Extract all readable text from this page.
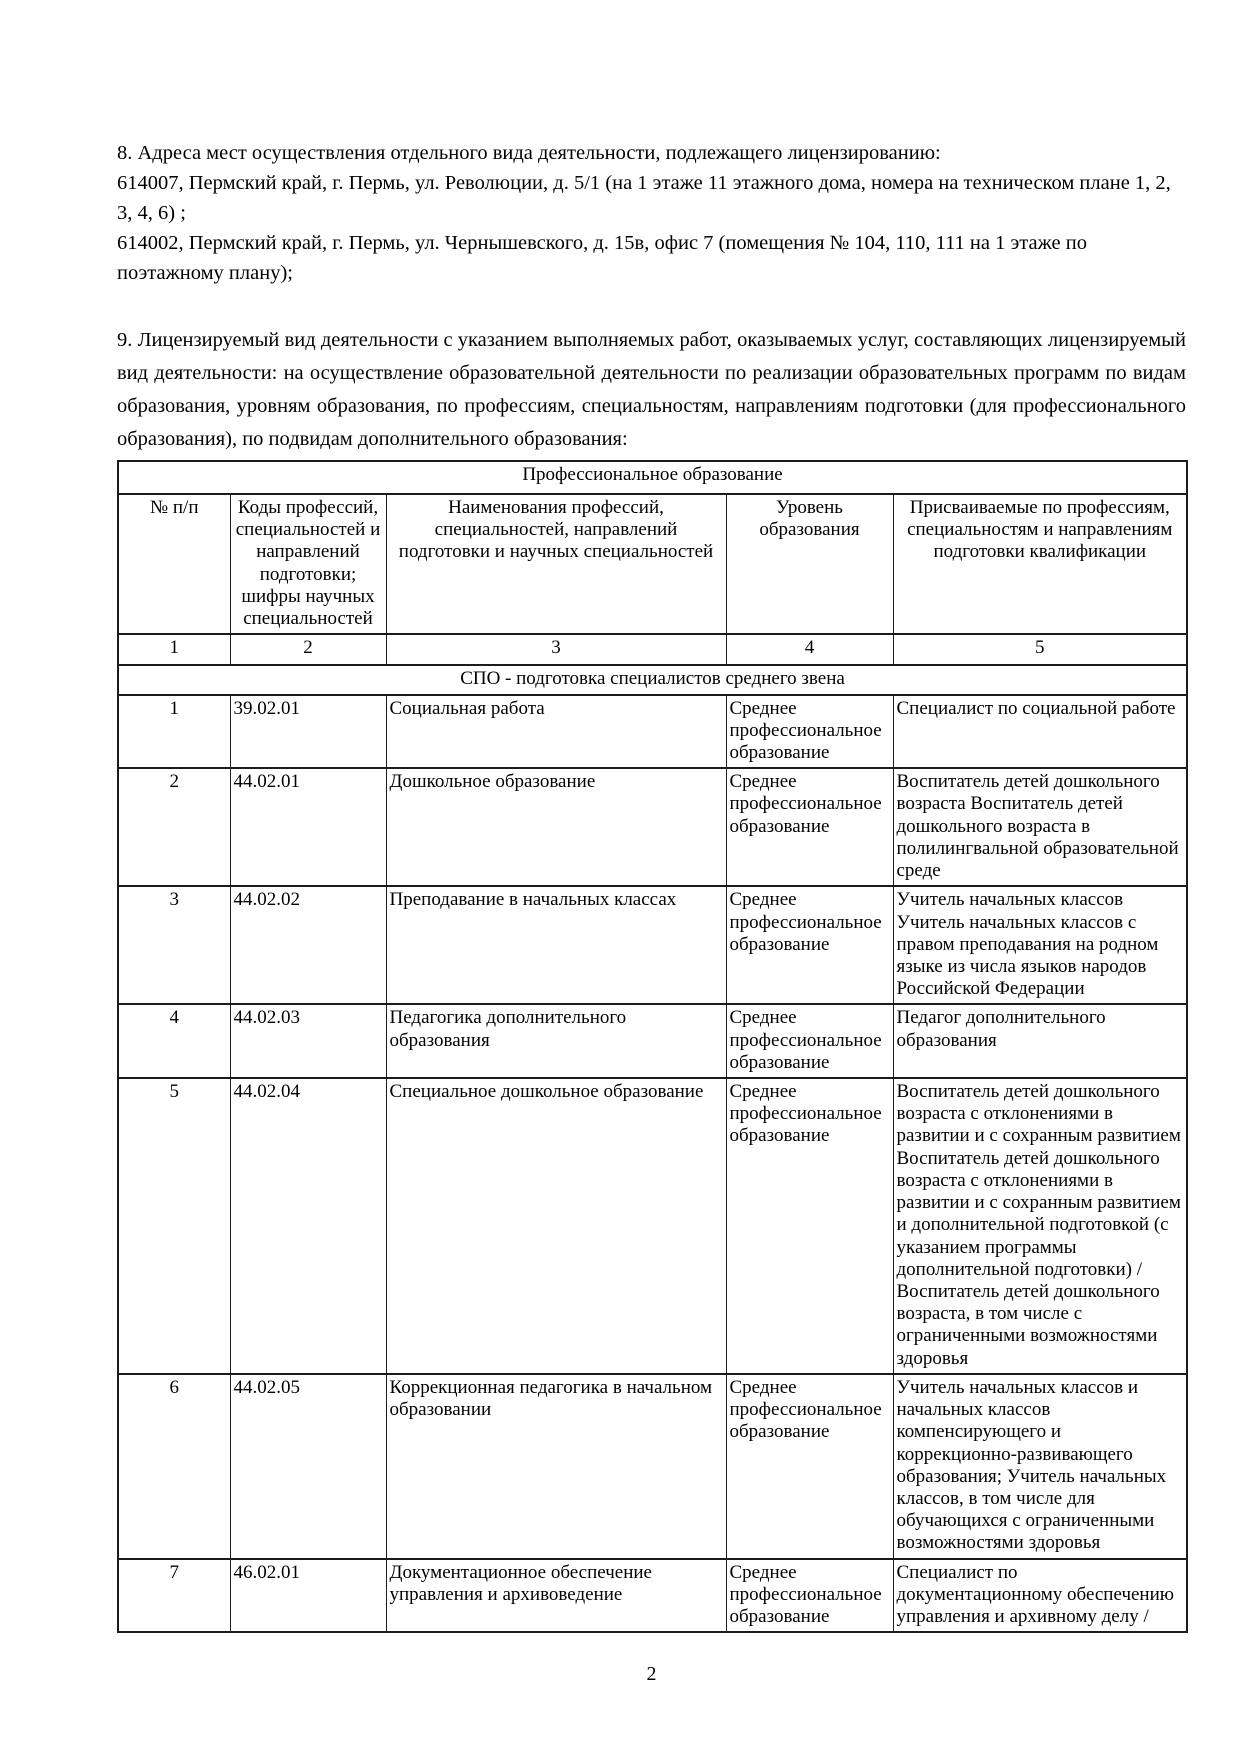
8. Адреса мест осуществления отдельного вида деятельности, подлежащего лицензированию:
614007, Пермский край, г. Пермь, ул. Революции, д. 5/1 (на 1 этаже 11 этажного дома, номера на техническом плане 1, 2, 3, 4, 6) ;
614002, Пермский край, г. Пермь, ул. Чернышевского, д. 15в, офис 7 (помещения № 104, 110, 111 на 1 этаже по поэтажному плану);
9. Лицензируемый вид деятельности с указанием выполняемых работ, оказываемых услуг, составляющих лицензируемый вид деятельности: на осуществление образовательной деятельности по реализации образовательных программ по видам образования, уровням образования, по профессиям, специальностям, направлениям подготовки (для профессионального образования), по подвидам дополнительного образования:
Профессиональное образование				
№ п/п	Коды профессий, специальностей и направлений подготовки; шифры научных специальностей	Наименования профессий, специальностей, направлений подготовки и научных специальностей	Уровень образования	Присваиваемые по профессиям, специальностям и направлениям подготовки квалификации
1	2	3	4	5
СПО - подготовка специалистов среднего звена				
1	39.02.01	Социальная работа	Среднее профессиональное образование	Специалист по социальной работе
2	44.02.01	Дошкольное образование	Среднее профессиональное образование	Воспитатель детей дошкольного возраста Воспитатель детей дошкольного возраста в полилингвальной образовательной среде
3	44.02.02	Преподавание в начальных классах	Среднее профессиональное образование	Учитель начальных классов Учитель начальных классов с правом преподавания на родном языке из числа языков народов Российской Федерации
4	44.02.03	Педагогика дополнительного образования	Среднее профессиональное образование	Педагог дополнительного образования
5	44.02.04	Специальное дошкольное образование	Среднее профессиональное образование	Воспитатель детей дошкольного возраста с отклонениями в развитии и с сохранным развитием Воспитатель детей дошкольного возраста с отклонениями в развитии и с сохранным развитием и дополнительной подготовкой (с указанием программы дополнительной подготовки) / Воспитатель детей дошкольного возраста, в том числе с ограниченными возможностями здоровья
6	44.02.05	Коррекционная педагогика в начальном образовании	Среднее профессиональное образование	Учитель начальных классов и начальных классов компенсирующего и коррекционно-развивающего образования; Учитель начальных классов, в том числе для обучающихся с ограниченными возможностями здоровья
7	46.02.01	Документационное обеспечение управления и архивоведение	Среднее профессиональное образование	Специалист по документационному обеспечению управления и архивному делу /
2
